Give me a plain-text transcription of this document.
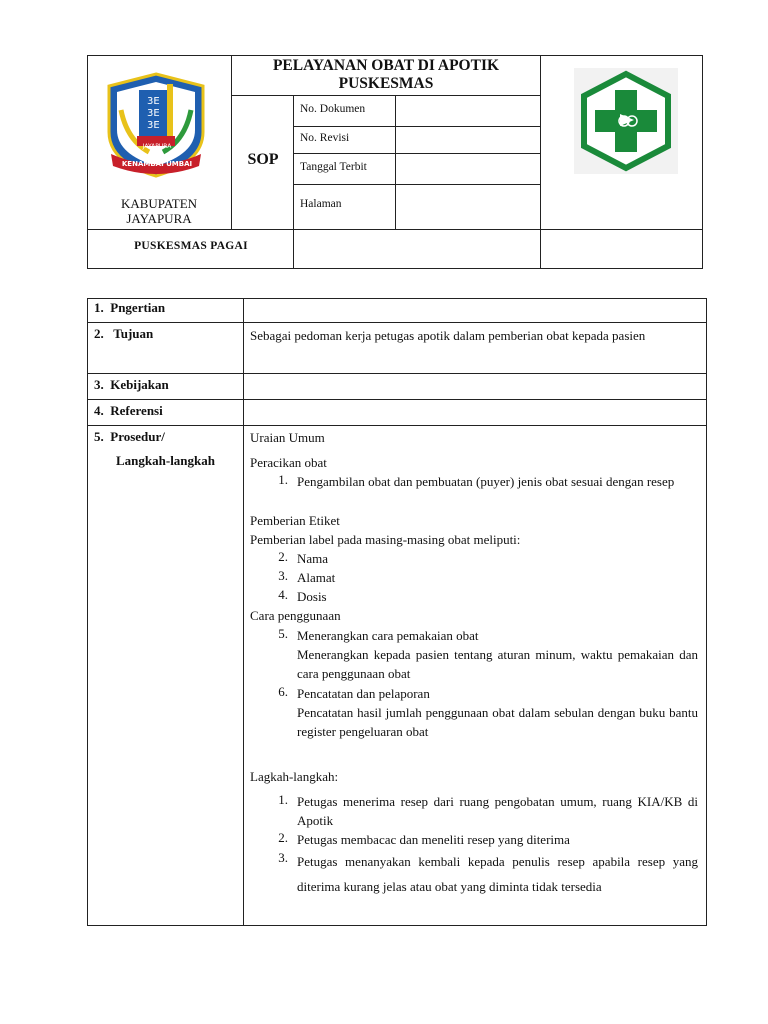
3E
3E
3E
JAYAPURA
KENAMBAI UMBAI
KABUPATEN JAYAPURA
PELAYANAN OBAT DI APOTIK
PUSKESMAS
SOP
No. Dokumen
No. Revisi
Tanggal Terbit
Halaman
PUSKESMAS PAGAI
1. Pngertian
2. Tujuan
3. Kebijakan
4. Referensi
5. Prosedur/
Langkah-langkah
Sebagai pedoman kerja petugas apotik dalam pemberian obat kepada pasien
Uraian Umum
Peracikan obat
1. Pengambilan obat dan pembuatan (puyer) jenis obat sesuai dengan resep
Pemberian Etiket
Pemberian label pada masing-masing obat meliputi:
2. Nama
3. Alamat
4. Dosis
Cara penggunaan
5. Menerangkan cara pemakaian obat
Menerangkan kepada pasien tentang aturan minum, waktu pemakaian dan cara penggunaan obat
6. Pencatatan dan pelaporan
Pencatatan hasil jumlah penggunaan obat dalam sebulan dengan buku bantu register pengeluaran obat
Lagkah-langkah:
1. Petugas menerima resep dari ruang pengobatan umum, ruang KIA/KB di Apotik
2. Petugas membacac dan meneliti resep yang diterima
3. Petugas menanyakan kembali kepada penulis resep apabila resep yang diterima kurang jelas atau obat yang diminta tidak tersedia
